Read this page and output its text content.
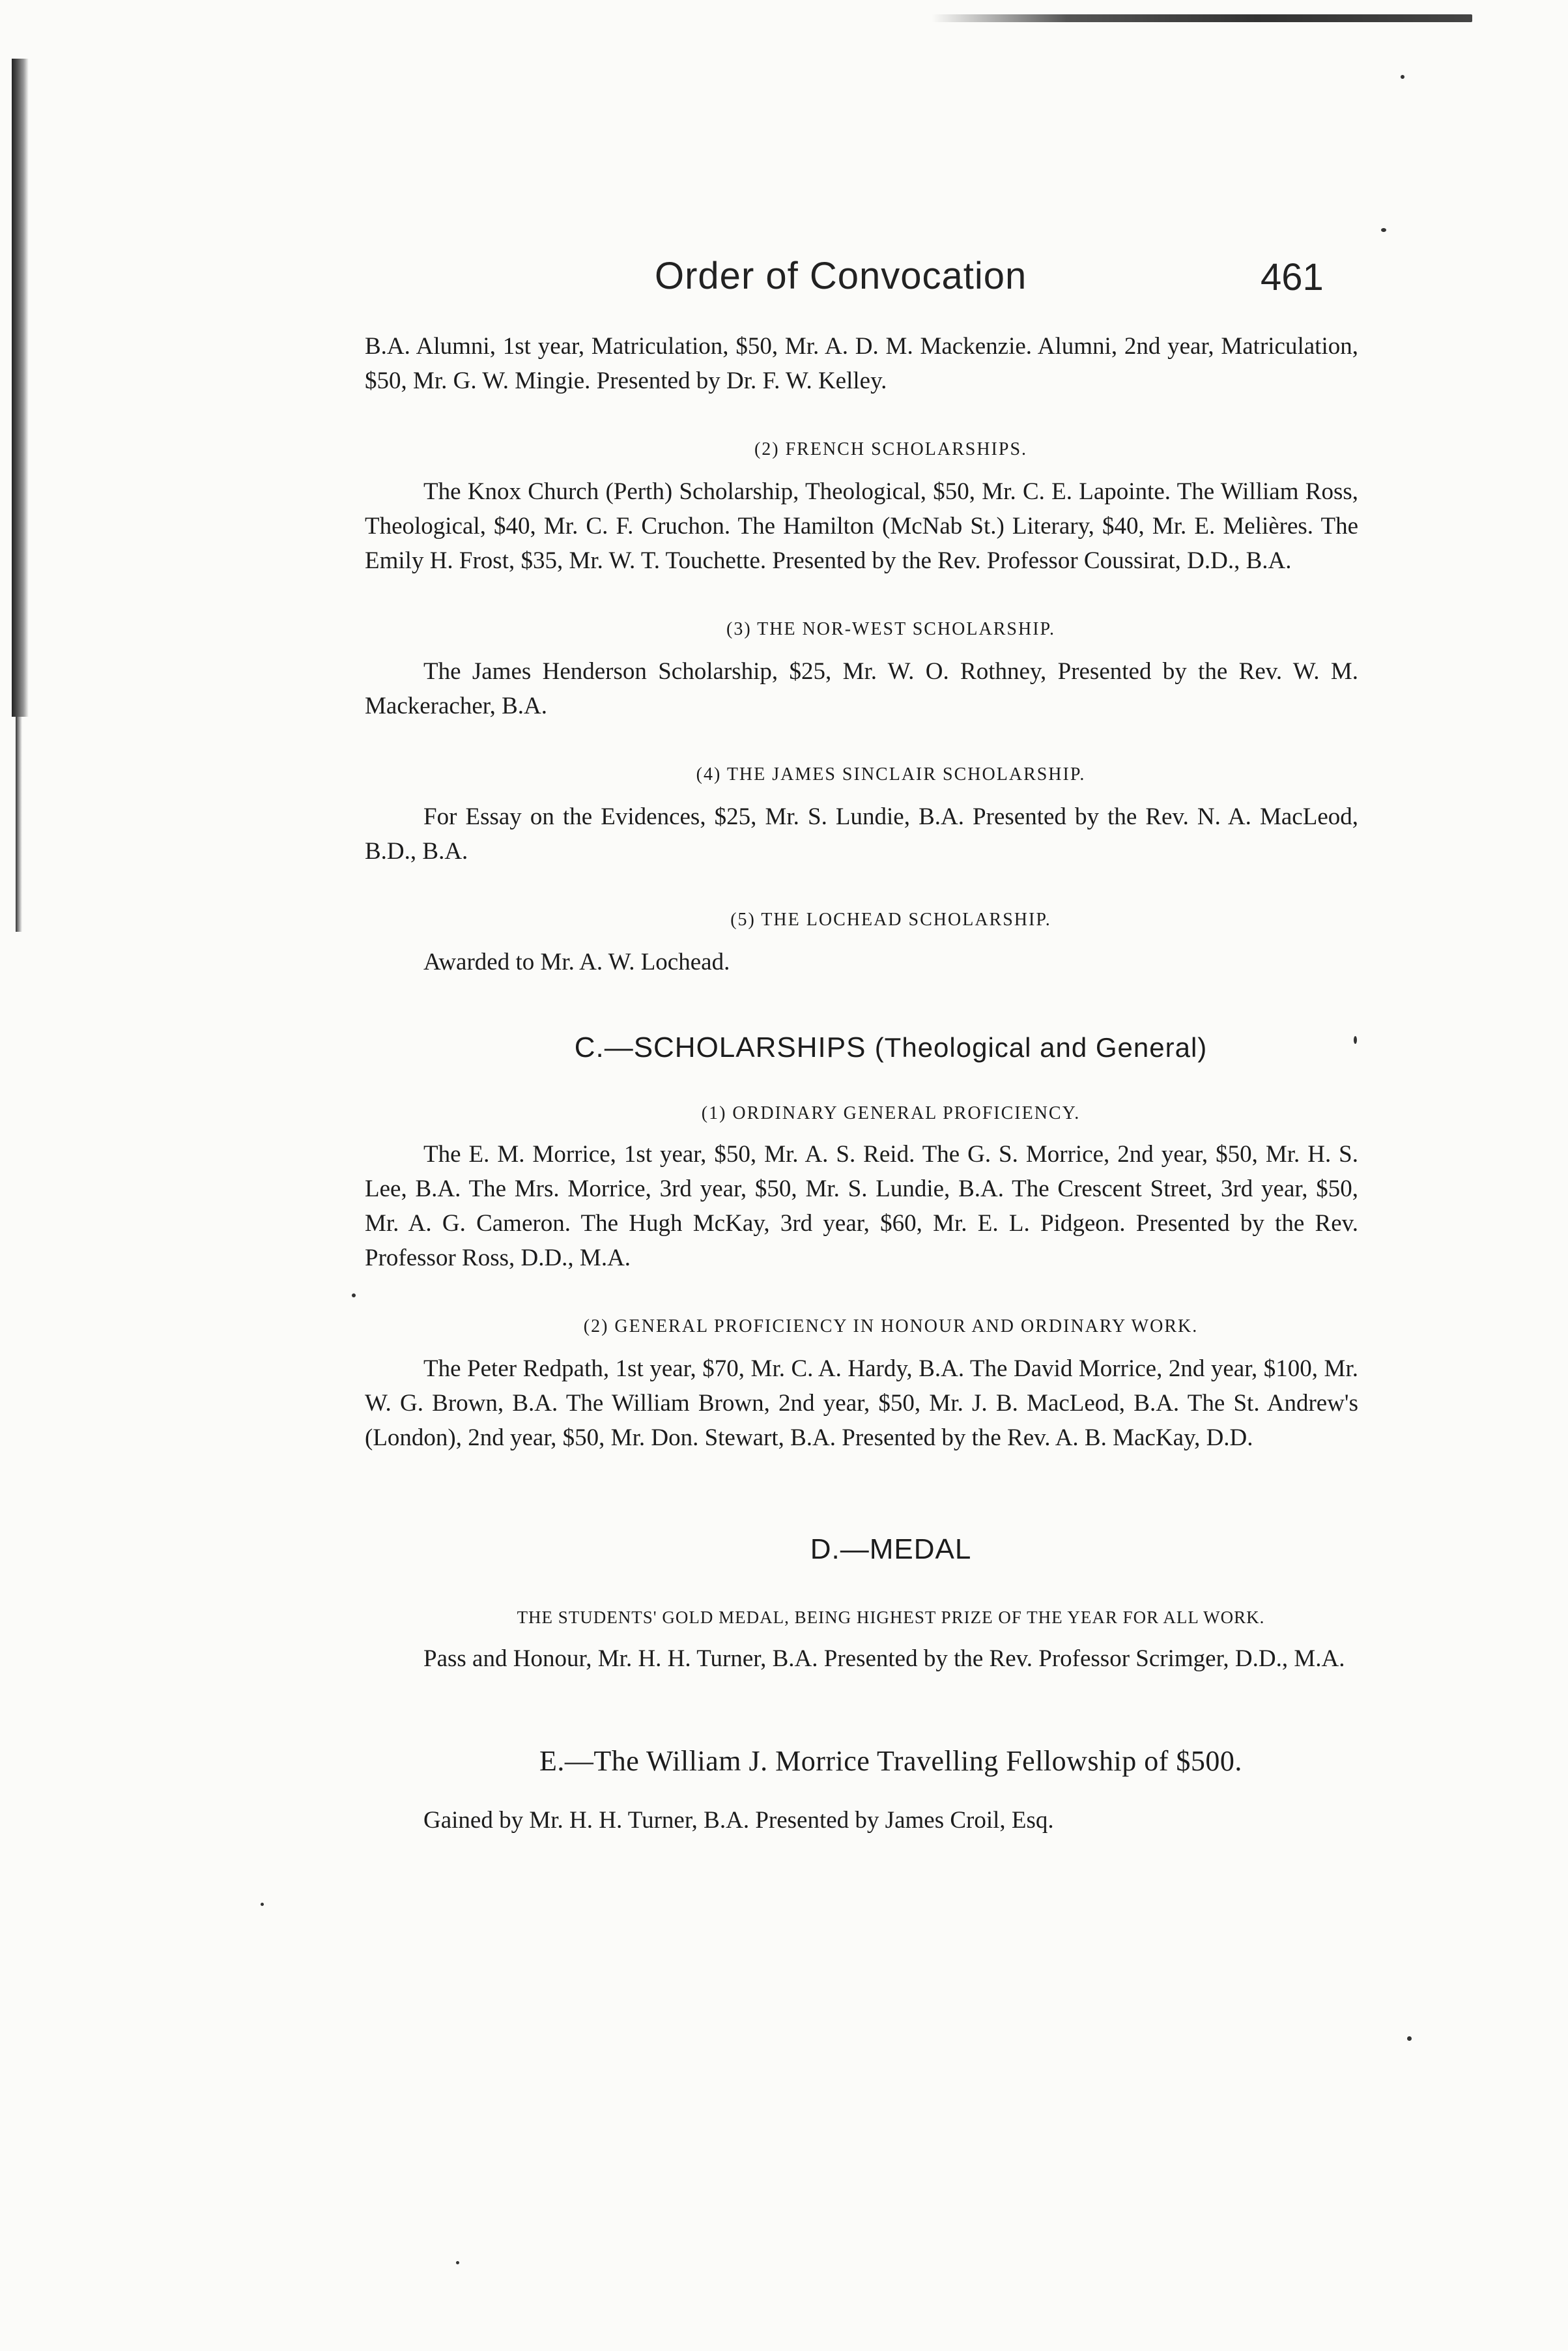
Order of Convocation	461

B.A. Alumni, 1st year, Matriculation, $50, Mr. A. D. M. Mackenzie. Alumni, 2nd year, Matriculation, $50, Mr. G. W. Mingie. Presented by Dr. F. W. Kelley.

(2) FRENCH SCHOLARSHIPS.

The Knox Church (Perth) Scholarship, Theological, $50, Mr. C. E. Lapointe. The William Ross, Theological, $40, Mr. C. F. Cruchon. The Hamilton (McNab St.) Literary, $40, Mr. E. Melières. The Emily H. Frost, $35, Mr. W. T. Touchette. Presented by the Rev. Professor Coussirat, D.D., B.A.

(3) THE NOR-WEST SCHOLARSHIP.

The James Henderson Scholarship, $25, Mr. W. O. Rothney, Presented by the Rev. W. M. Mackeracher, B.A.

(4) THE JAMES SINCLAIR SCHOLARSHIP.

For Essay on the Evidences, $25, Mr. S. Lundie, B.A. Presented by the Rev. N. A. MacLeod, B.D., B.A.

(5) THE LOCHEAD SCHOLARSHIP.

Awarded to Mr. A. W. Lochead.

C.—SCHOLARSHIPS (Theological and General)

(1) ORDINARY GENERAL PROFICIENCY.

The E. M. Morrice, 1st year, $50, Mr. A. S. Reid. The G. S. Morrice, 2nd year, $50, Mr. H. S. Lee, B.A. The Mrs. Morrice, 3rd year, $50, Mr. S. Lundie, B.A. The Crescent Street, 3rd year, $50, Mr. A. G. Cameron. The Hugh McKay, 3rd year, $60, Mr. E. L. Pidgeon. Presented by the Rev. Professor Ross, D.D., M.A.

(2) GENERAL PROFICIENCY IN HONOUR AND ORDINARY WORK.

The Peter Redpath, 1st year, $70, Mr. C. A. Hardy, B.A. The David Morrice, 2nd year, $100, Mr. W. G. Brown, B.A. The William Brown, 2nd year, $50, Mr. J. B. MacLeod, B.A. The St. Andrew's (London), 2nd year, $50, Mr. Don. Stewart, B.A. Presented by the Rev. A. B. MacKay, D.D.

D.—MEDAL

THE STUDENTS' GOLD MEDAL, BEING HIGHEST PRIZE OF THE YEAR FOR ALL WORK.

Pass and Honour, Mr. H. H. Turner, B.A. Presented by the Rev. Professor Scrimger, D.D., M.A.

E.—The William J. Morrice Travelling Fellowship of $500.

Gained by Mr. H. H. Turner, B.A. Presented by James Croil, Esq.
